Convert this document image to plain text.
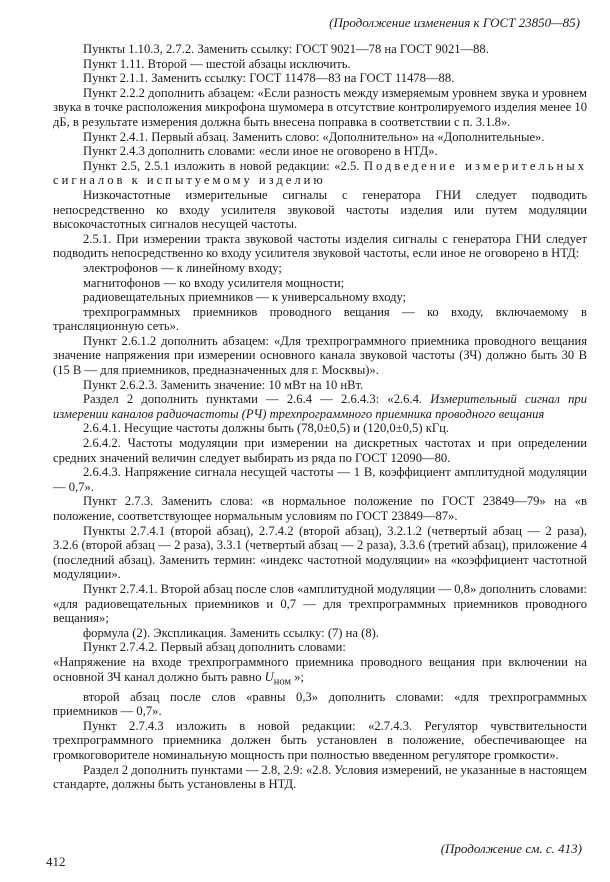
(Продолжение изменения к ГОСТ 23850—85)

Пункты 1.10.3, 2.7.2. Заменить ссылку: ГОСТ 9021—78 на ГОСТ 9021—88.

Пункт 1.11. Второй — шестой абзацы исключить.

Пункт 2.1.1. Заменить ссылку: ГОСТ 11478—83 на ГОСТ 11478—88.

Пункт 2.2.2 дополнить абзацем: «Если разность между измеряемым уровнем звука и уровнем звука в точке расположения микрофона шумомера в отсутствие контролируемого изделия менее 10 дБ, в результате измерения должна быть внесена поправка в соответствии с п. 3.1.8».

Пункт 2.4.1. Первый абзац. Заменить слово: «Дополнительно» на «Дополнительные».

Пункт 2.4.3 дополнить словами: «если иное не оговорено в НТД».

Пункт 2.5, 2.5.1 изложить в новой редакции: «2.5. Подведение измерительных сигналов к испытуемому изделию

Низкочастотные измерительные сигналы с генератора ГНИ следует подводить непосредственно ко входу усилителя звуковой частоты изделия или путем модуляции высокочастотных сигналов несущей частоты.

2.5.1. При измерении тракта звуковой частоты изделия сигналы с генератора ГНИ следует подводить непосредственно ко входу усилителя звуковой частоты, если иное не оговорено в НТД:

электрофонов — к линейному входу;

магнитофонов — ко входу усилителя мощности;

радиовещательных приемников — к универсальному входу;

трехпрограммных приемников проводного вещания — ко входу, включаемому в трансляционную сеть».

Пункт 2.6.1.2 дополнить абзацем: «Для трехпрограммного приемника проводного вещания значение напряжения при измерении основного канала звуковой частоты (ЗЧ) должно быть 30 В (15 В — для приемников, предназначенных для г. Москвы)».

Пункт 2.6.2.3. Заменить значение: 10 мВт на 10 нВт.

Раздел 2 дополнить пунктами — 2.6.4 — 2.6.4.3: «2.6.4. Измерительный сигнал при измерении каналов радиочастоты (РЧ) трехпрограммного приемника проводного вещания

2.6.4.1. Несущие частоты должны быть (78,0±0,5) и (120,0±0,5) кГц.

2.6.4.2. Частоты модуляции при измерении на дискретных частотах и при определении средних значений величин следует выбирать из ряда по ГОСТ 12090—80.

2.6.4.3. Напряжение сигнала несущей частоты — 1 В, коэффициент амплитудной модуляции — 0,7».

Пункт 2.7.3. Заменить слова: «в нормальное положение по ГОСТ 23849—79» на «в положение, соответствующее нормальным условиям по ГОСТ 23849—87».

Пункты 2.7.4.1 (второй абзац), 2.7.4.2 (второй абзац), 3.2.1.2 (четвертый абзац — 2 раза), 3.2.6 (второй абзац — 2 раза), 3.3.1 (четвертый абзац — 2 раза), 3.3.6 (третий абзац), приложение 4 (последний абзац). Заменить термин: «индекс частотной модуляции» на «коэффициент частотной модуляции».

Пункт 2.7.4.1. Второй абзац после слов «амплитудной модуляции — 0,8» дополнить словами: «для радиовещательных приемников и 0,7 — для трехпрограммных приемников проводного вещания»;

формула (2). Экспликация. Заменить ссылку: (7) на (8).

Пункт 2.7.4.2. Первый абзац дополнить словами:

«Напряжение на входе трехпрограммного приемника проводного вещания при включении на основной ЗЧ канал должно быть равно $U_{ном}$ »;

второй абзац после слов «равны 0,3» дополнить словами: «для трехпрограммных приемников — 0,7».

Пункт 2.7.4.3 изложить в новой редакции: «2.7.4.3. Регулятор чувствительности трехпрограммного приемника должен быть установлен в положение, обеспечивающее на громкоговорителе номинальную мощность при полностью введенном регуляторе громкости».

Раздел 2 дополнить пунктами — 2.8, 2.9: «2.8. Условия измерений, не указанные в настоящем стандарте, должны быть установлены в НТД.

(Продолжение см. с. 413)
412
